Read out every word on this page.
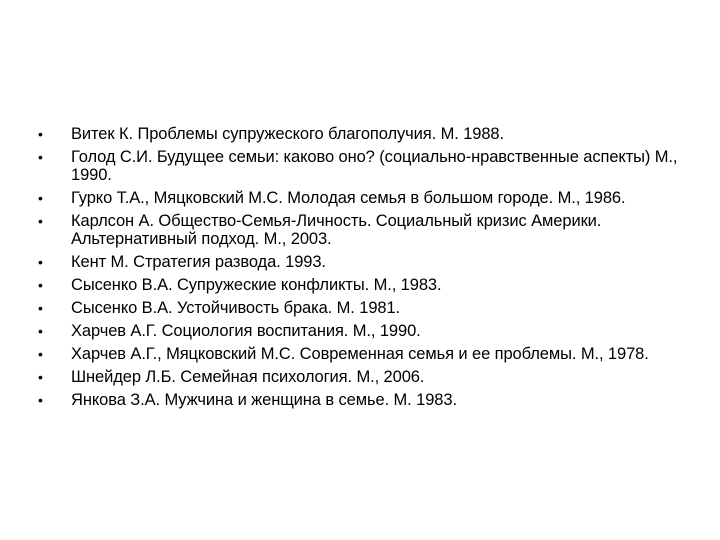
• Витек К. Проблемы супружеского благополучия. М. 1988.
• Голод С.И. Будущее семьи: каково оно? (социально-нравственные аспекты) М., 1990.
• Гурко Т.А., Мяцковский М.С. Молодая семья в большом городе. М., 1986.
• Карлсон А. Общество-Семья-Личность. Социальный кризис Америки. Альтернативный подход. М., 2003.
• Кент М. Стратегия развода. 1993.
• Сысенко В.А. Супружеские конфликты. М., 1983.
• Сысенко В.А. Устойчивость брака. М. 1981.
• Харчев А.Г. Социология воспитания. М., 1990.
• Харчев А.Г., Мяцковский М.С. Современная семья и ее проблемы. М., 1978.
• Шнейдер Л.Б. Семейная психология. М., 2006.
• Янкова З.А. Мужчина и женщина в семье. М. 1983.
